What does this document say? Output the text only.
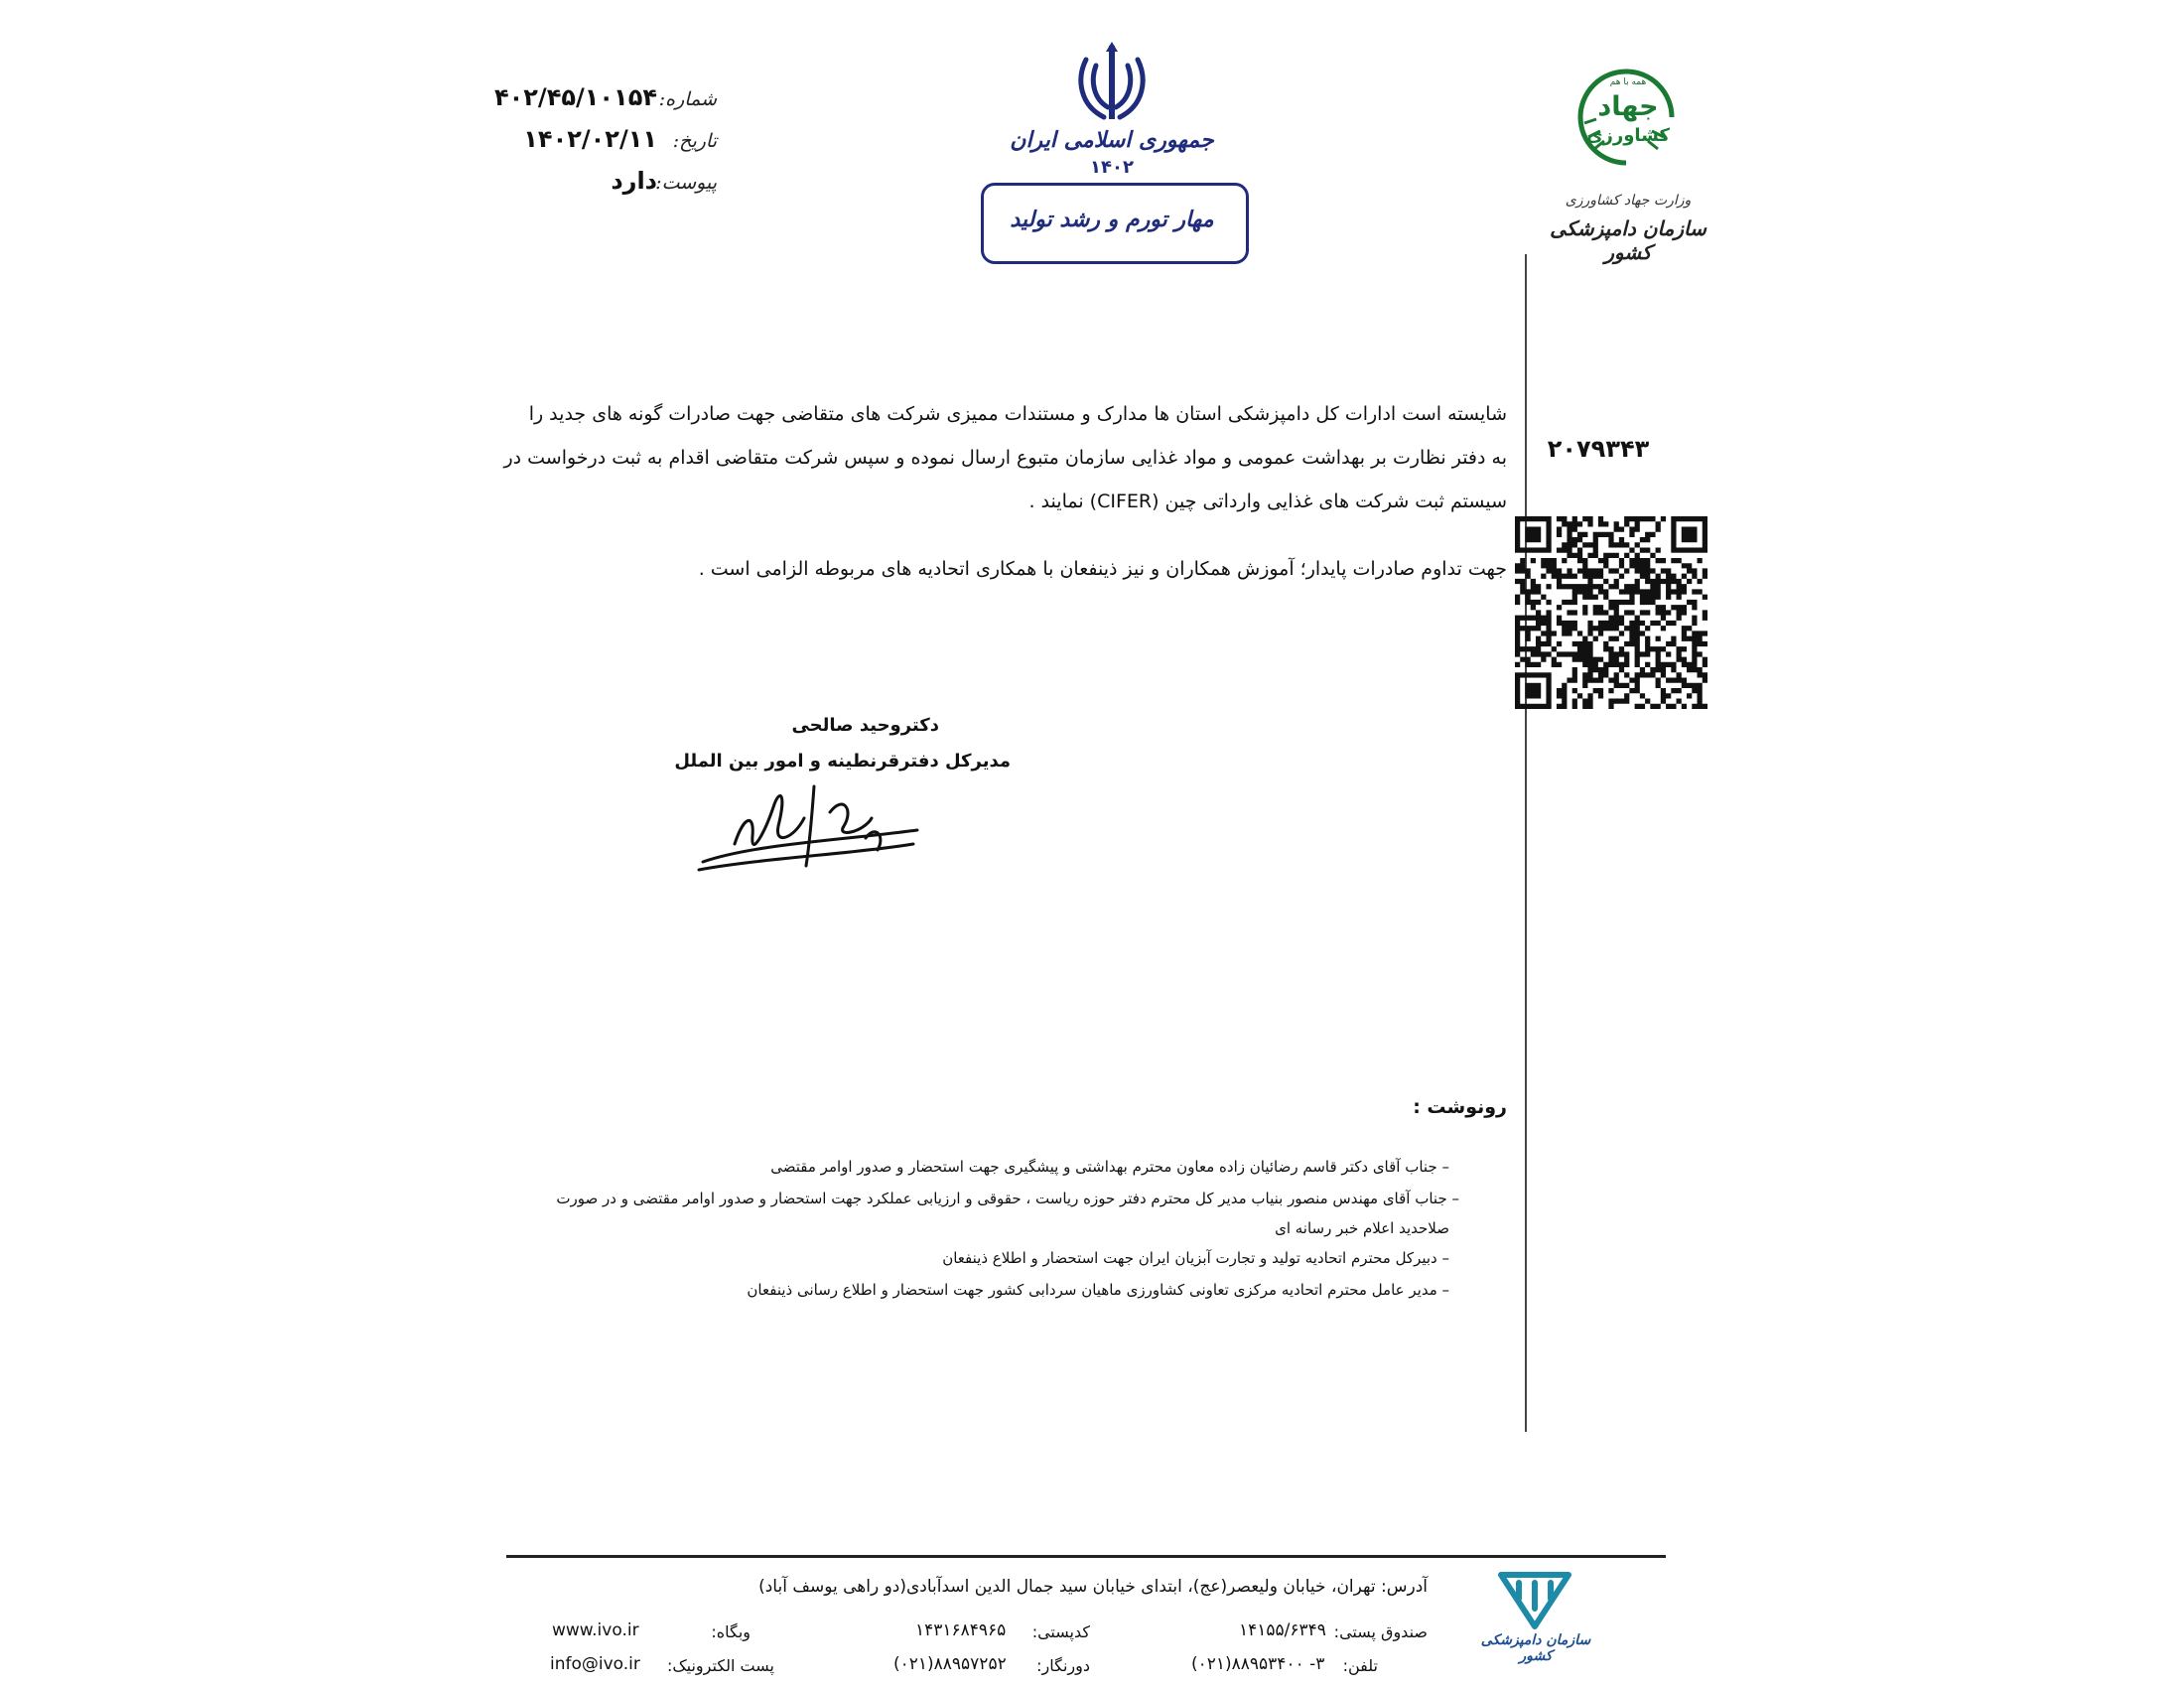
شماره:۴۰۲/۴۵/۱۰۱۵۴
تاریخ:۱۴۰۲/۰۲/۱۱
پیوست:دارد
جمهوری اسلامی ایران
۱۴۰۲
مهار تورم و رشد تولید
همه با هم
جهاد
کشاورزی
وزارت جهاد کشاورزی
سازمان دامپزشکی کشور
۲۰۷۹۳۴۳
شایسته است ادارات کل دامپزشکی استان ها مدارک و مستندات ممیزی شرکت های متقاضی جهت صادرات گونه های جدید را
به دفتر نظارت بر بهداشت عمومی و مواد غذایی سازمان متبوع ارسال نموده و سپس شرکت متقاضی اقدام به ثبت درخواست در
سیستم ثبت شرکت های غذایی وارداتی چین (CIFER) نمایند .
جهت تداوم صادرات پایدار؛ آموزش همکاران و نیز ذینفعان با همکاری اتحادیه های مربوطه الزامی است .
دکتروحید صالحی
مدیرکل دفترقرنطینه و امور بین الملل
رونوشت :
– جناب آقای دکتر قاسم رضائیان زاده معاون محترم بهداشتی و پیشگیری جهت استحضار و صدور اوامر مقتضی
– جناب آقای مهندس منصور بنیاب مدیر کل محترم دفتر حوزه ریاست ، حقوقی و ارزیابی عملکرد جهت استحضار و صدور اوامر مقتضی و در صورت
صلاحدید اعلام خبر رسانه ای
– دبیرکل محترم اتحادیه تولید و تجارت آبزیان ایران جهت استحضار و اطلاع ذینفعان
– مدیر عامل محترم اتحادیه مرکزی تعاونی کشاورزی ماهیان سردابی کشور جهت استحضار و اطلاع رسانی ذینفعان
سازمان دامپزشکی کشور
آدرس: تهران، خیابان ولیعصر(عج)، ابتدای خیابان سید جمال الدین اسدآبادی(دو راهی یوسف آباد)
صندوق پستی:
۱۴۱۵۵/۶۳۴۹
تلفن:
(۰۲۱)۸۸۹۵۳۴۰۰ -۳
کدپستی:
۱۴۳۱۶۸۴۹۶۵
دورنگار:
(۰۲۱)۸۸۹۵۷۲۵۲
وبگاه:
www.ivo.ir
پست الکترونیک:
info@ivo.ir
